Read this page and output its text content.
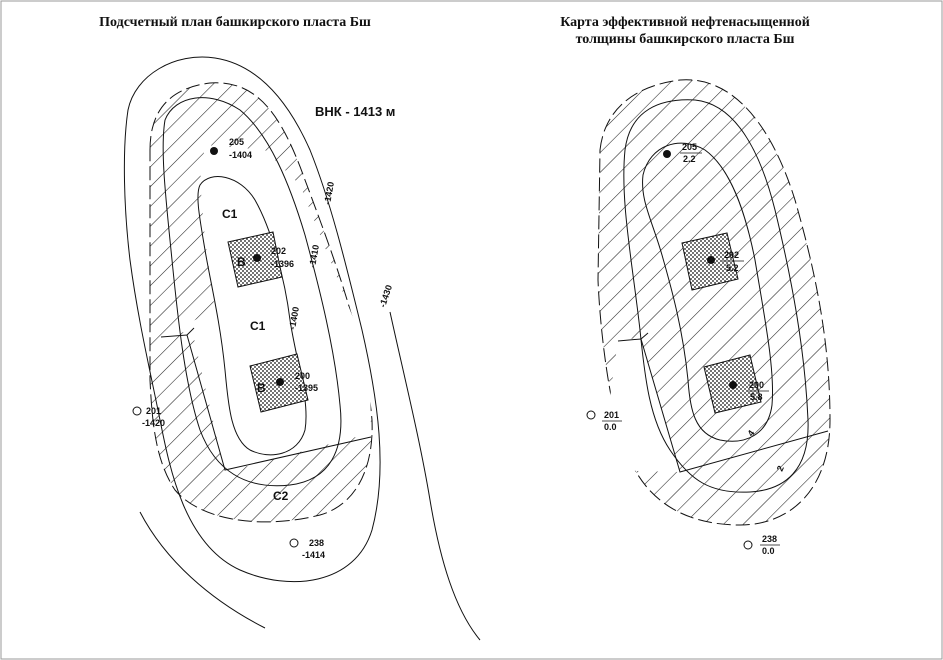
205
-1404
202
-1396
200
-1395
201
-1420
238
-1414
C1
C1
C2
B
B
ВНК - 1413 м
-1420
-1410
-1400
-1430
205
2.2
202
5.2
200
5.8
201
0.0
238
0.0
4
2
Подсчетный план башкирского пласта Бш	Карта эффективной нефтенасыщенной
толщины башкирского пласта Бш
